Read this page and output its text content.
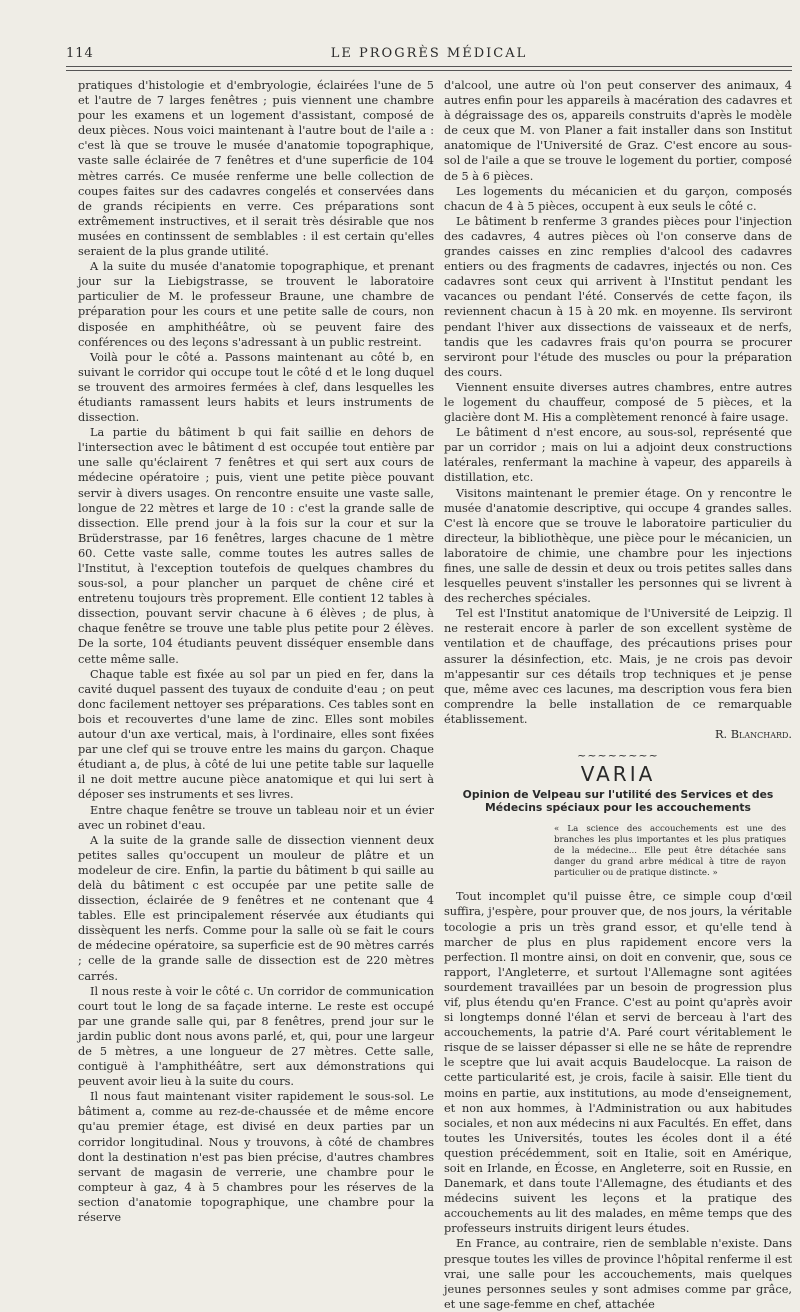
114	LE PROGRÈS MÉDICAL

pratiques d'histologie et d'embryologie, éclairées l'une de 5 et l'autre de 7 larges fenêtres ; puis viennent une chambre pour les examens et un logement d'assistant, composé de deux pièces. Nous voici maintenant à l'autre bout de l'aile a : c'est là que se trouve le musée d'anatomie topographique, vaste salle éclairée de 7 fenêtres et d'une superficie de 104 mètres carrés. Ce musée renferme une belle collection de coupes faites sur des cadavres congelés et conservées dans de grands récipients en verre. Ces préparations sont extrêmement instructives, et il serait très désirable que nos musées en continssent de semblables : il est certain qu'elles seraient de la plus grande utilité.

A la suite du musée d'anatomie topographique, et prenant jour sur la Liebigstrasse, se trouvent le laboratoire particulier de M. le professeur Braune, une chambre de préparation pour les cours et une petite salle de cours, non disposée en amphithéâtre, où se peuvent faire des conférences ou des leçons s'adressant à un public restreint.

Voilà pour le côté a. Passons maintenant au côté b, en suivant le corridor qui occupe tout le côté d et le long duquel se trouvent des armoires fermées à clef, dans lesquelles les étudiants ramassent leurs habits et leurs instruments de dissection.

La partie du bâtiment b qui fait saillie en dehors de l'intersection avec le bâtiment d est occupée tout entière par une salle qu'éclairent 7 fenêtres et qui sert aux cours de médecine opératoire ; puis, vient une petite pièce pouvant servir à divers usages. On rencontre ensuite une vaste salle, longue de 22 mètres et large de 10 : c'est la grande salle de dissection. Elle prend jour à la fois sur la cour et sur la Brüderstrasse, par 16 fenêtres, larges chacune de 1 mètre 60. Cette vaste salle, comme toutes les autres salles de l'Institut, à l'exception toutefois de quelques chambres du sous-sol, a pour plancher un parquet de chêne ciré et entretenu toujours très proprement. Elle contient 12 tables à dissection, pouvant servir chacune à 6 élèves ; de plus, à chaque fenêtre se trouve une table plus petite pour 2 élèves. De la sorte, 104 étudiants peuvent disséquer ensemble dans cette même salle.

Chaque table est fixée au sol par un pied en fer, dans la cavité duquel passent des tuyaux de conduite d'eau ; on peut donc facilement nettoyer ses préparations. Ces tables sont en bois et recouvertes d'une lame de zinc. Elles sont mobiles autour d'un axe vertical, mais, à l'ordinaire, elles sont fixées par une clef qui se trouve entre les mains du garçon. Chaque étudiant a, de plus, à côté de lui une petite table sur laquelle il ne doit mettre aucune pièce anatomique et qui lui sert à déposer ses instruments et ses livres.

Entre chaque fenêtre se trouve un tableau noir et un évier avec un robinet d'eau.

A la suite de la grande salle de dissection viennent deux petites salles qu'occupent un mouleur de plâtre et un modeleur de cire. Enfin, la partie du bâtiment b qui saille au delà du bâtiment c est occupée par une petite salle de dissection, éclairée de 9 fenêtres et ne contenant que 4 tables. Elle est principalement réservée aux étudiants qui dissèquent les nerfs. Comme pour la salle où se fait le cours de médecine opératoire, sa superficie est de 90 mètres carrés ; celle de la grande salle de dissection est de 220 mètres carrés.

Il nous reste à voir le côté c. Un corridor de communication court tout le long de sa façade interne. Le reste est occupé par une grande salle qui, par 8 fenêtres, prend jour sur le jardin public dont nous avons parlé, et, qui, pour une largeur de 5 mètres, a une longueur de 27 mètres. Cette salle, contiguë à l'amphithéâtre, sert aux démonstrations qui peuvent avoir lieu à la suite du cours.

Il nous faut maintenant visiter rapidement le sous-sol. Le bâtiment a, comme au rez-de-chaussée et de même encore qu'au premier étage, est divisé en deux parties par un corridor longitudinal. Nous y trouvons, à côté de chambres dont la destination n'est pas bien précise, d'autres chambres servant de magasin de verrerie, une chambre pour le compteur à gaz, 4 à 5 chambres pour les réserves de la section d'anatomie topographique, une chambre pour la réserve

d'alcool, une autre où l'on peut conserver des animaux, 4 autres enfin pour les appareils à macération des cadavres et à dégraissage des os, appareils construits d'après le modèle de ceux que M. von Planer a fait installer dans son Institut anatomique de l'Université de Graz. C'est encore au sous-sol de l'aile a que se trouve le logement du portier, composé de 5 à 6 pièces.

Les logements du mécanicien et du garçon, composés chacun de 4 à 5 pièces, occupent à eux seuls le côté c.

Le bâtiment b renferme 3 grandes pièces pour l'injection des cadavres, 4 autres pièces où l'on conserve dans de grandes caisses en zinc remplies d'alcool des cadavres entiers ou des fragments de cadavres, injectés ou non. Ces cadavres sont ceux qui arrivent à l'Institut pendant les vacances ou pendant l'été. Conservés de cette façon, ils reviennent chacun à 15 à 20 mk. en moyenne. Ils serviront pendant l'hiver aux dissections de vaisseaux et de nerfs, tandis que les cadavres frais qu'on pourra se procurer serviront pour l'étude des muscles ou pour la préparation des cours.

Viennent ensuite diverses autres chambres, entre autres le logement du chauffeur, composé de 5 pièces, et la glacière dont M. His a complètement renoncé à faire usage.

Le bâtiment d n'est encore, au sous-sol, représenté que par un corridor ; mais on lui a adjoint deux constructions latérales, renfermant la machine à vapeur, des appareils à distillation, etc.

Visitons maintenant le premier étage. On y rencontre le musée d'anatomie descriptive, qui occupe 4 grandes salles. C'est là encore que se trouve le laboratoire particulier du directeur, la bibliothèque, une pièce pour le mécanicien, un laboratoire de chimie, une chambre pour les injections fines, une salle de dessin et deux ou trois petites salles dans lesquelles peuvent s'installer les personnes qui se livrent à des recherches spéciales.

Tel est l'Institut anatomique de l'Université de Leipzig. Il ne resterait encore à parler de son excellent système de ventilation et de chauffage, des précautions prises pour assurer la désinfection, etc. Mais, je ne crois pas devoir m'appesantir sur ces détails trop techniques et je pense que, même avec ces lacunes, ma description vous fera bien comprendre la belle installation de ce remarquable établissement.

R. Blanchard.

~~~~~~~~
VARIA
Opinion de Velpeau sur l'utilité des Services et des Médecins spéciaux pour les accouchements

« La science des accouchements est une des branches les plus importantes et les plus pratiques de la médecine... Elle peut être détachée sans danger du grand arbre médical à titre de rayon particulier ou de pratique distincte. »

Tout incomplet qu'il puisse être, ce simple coup d'œil suffira, j'espère, pour prouver que, de nos jours, la véritable tocologie a pris un très grand essor, et qu'elle tend à marcher de plus en plus rapidement encore vers la perfection. Il montre ainsi, on doit en convenir, que, sous ce rapport, l'Angleterre, et surtout l'Allemagne sont agitées sourdement travaillées par un besoin de progression plus vif, plus étendu qu'en France. C'est au point qu'après avoir si longtemps donné l'élan et servi de berceau à l'art des accouchements, la patrie d'A. Paré court véritablement le risque de se laisser dépasser si elle ne se hâte de reprendre le sceptre que lui avait acquis Baudelocque. La raison de cette particularité est, je crois, facile à saisir. Elle tient du moins en partie, aux institutions, au mode d'enseignement, et non aux hommes, à l'Administration ou aux habitudes sociales, et non aux médecins ni aux Facultés. En effet, dans toutes les Universités, toutes les écoles dont il a été question précédemment, soit en Italie, soit en Amérique, soit en Irlande, en Écosse, en Angleterre, soit en Russie, en Danemark, et dans toute l'Allemagne, des étudiants et des médecins suivent les leçons et la pratique des accouchements au lit des malades, en même temps que des professeurs instruits dirigent leurs études.

En France, au contraire, rien de semblable n'existe. Dans presque toutes les villes de province l'hôpital renferme il est vrai, une salle pour les accouchements, mais quelques jeunes personnes seules y sont admises comme par grâce, et une sage-femme en chef, attachée
